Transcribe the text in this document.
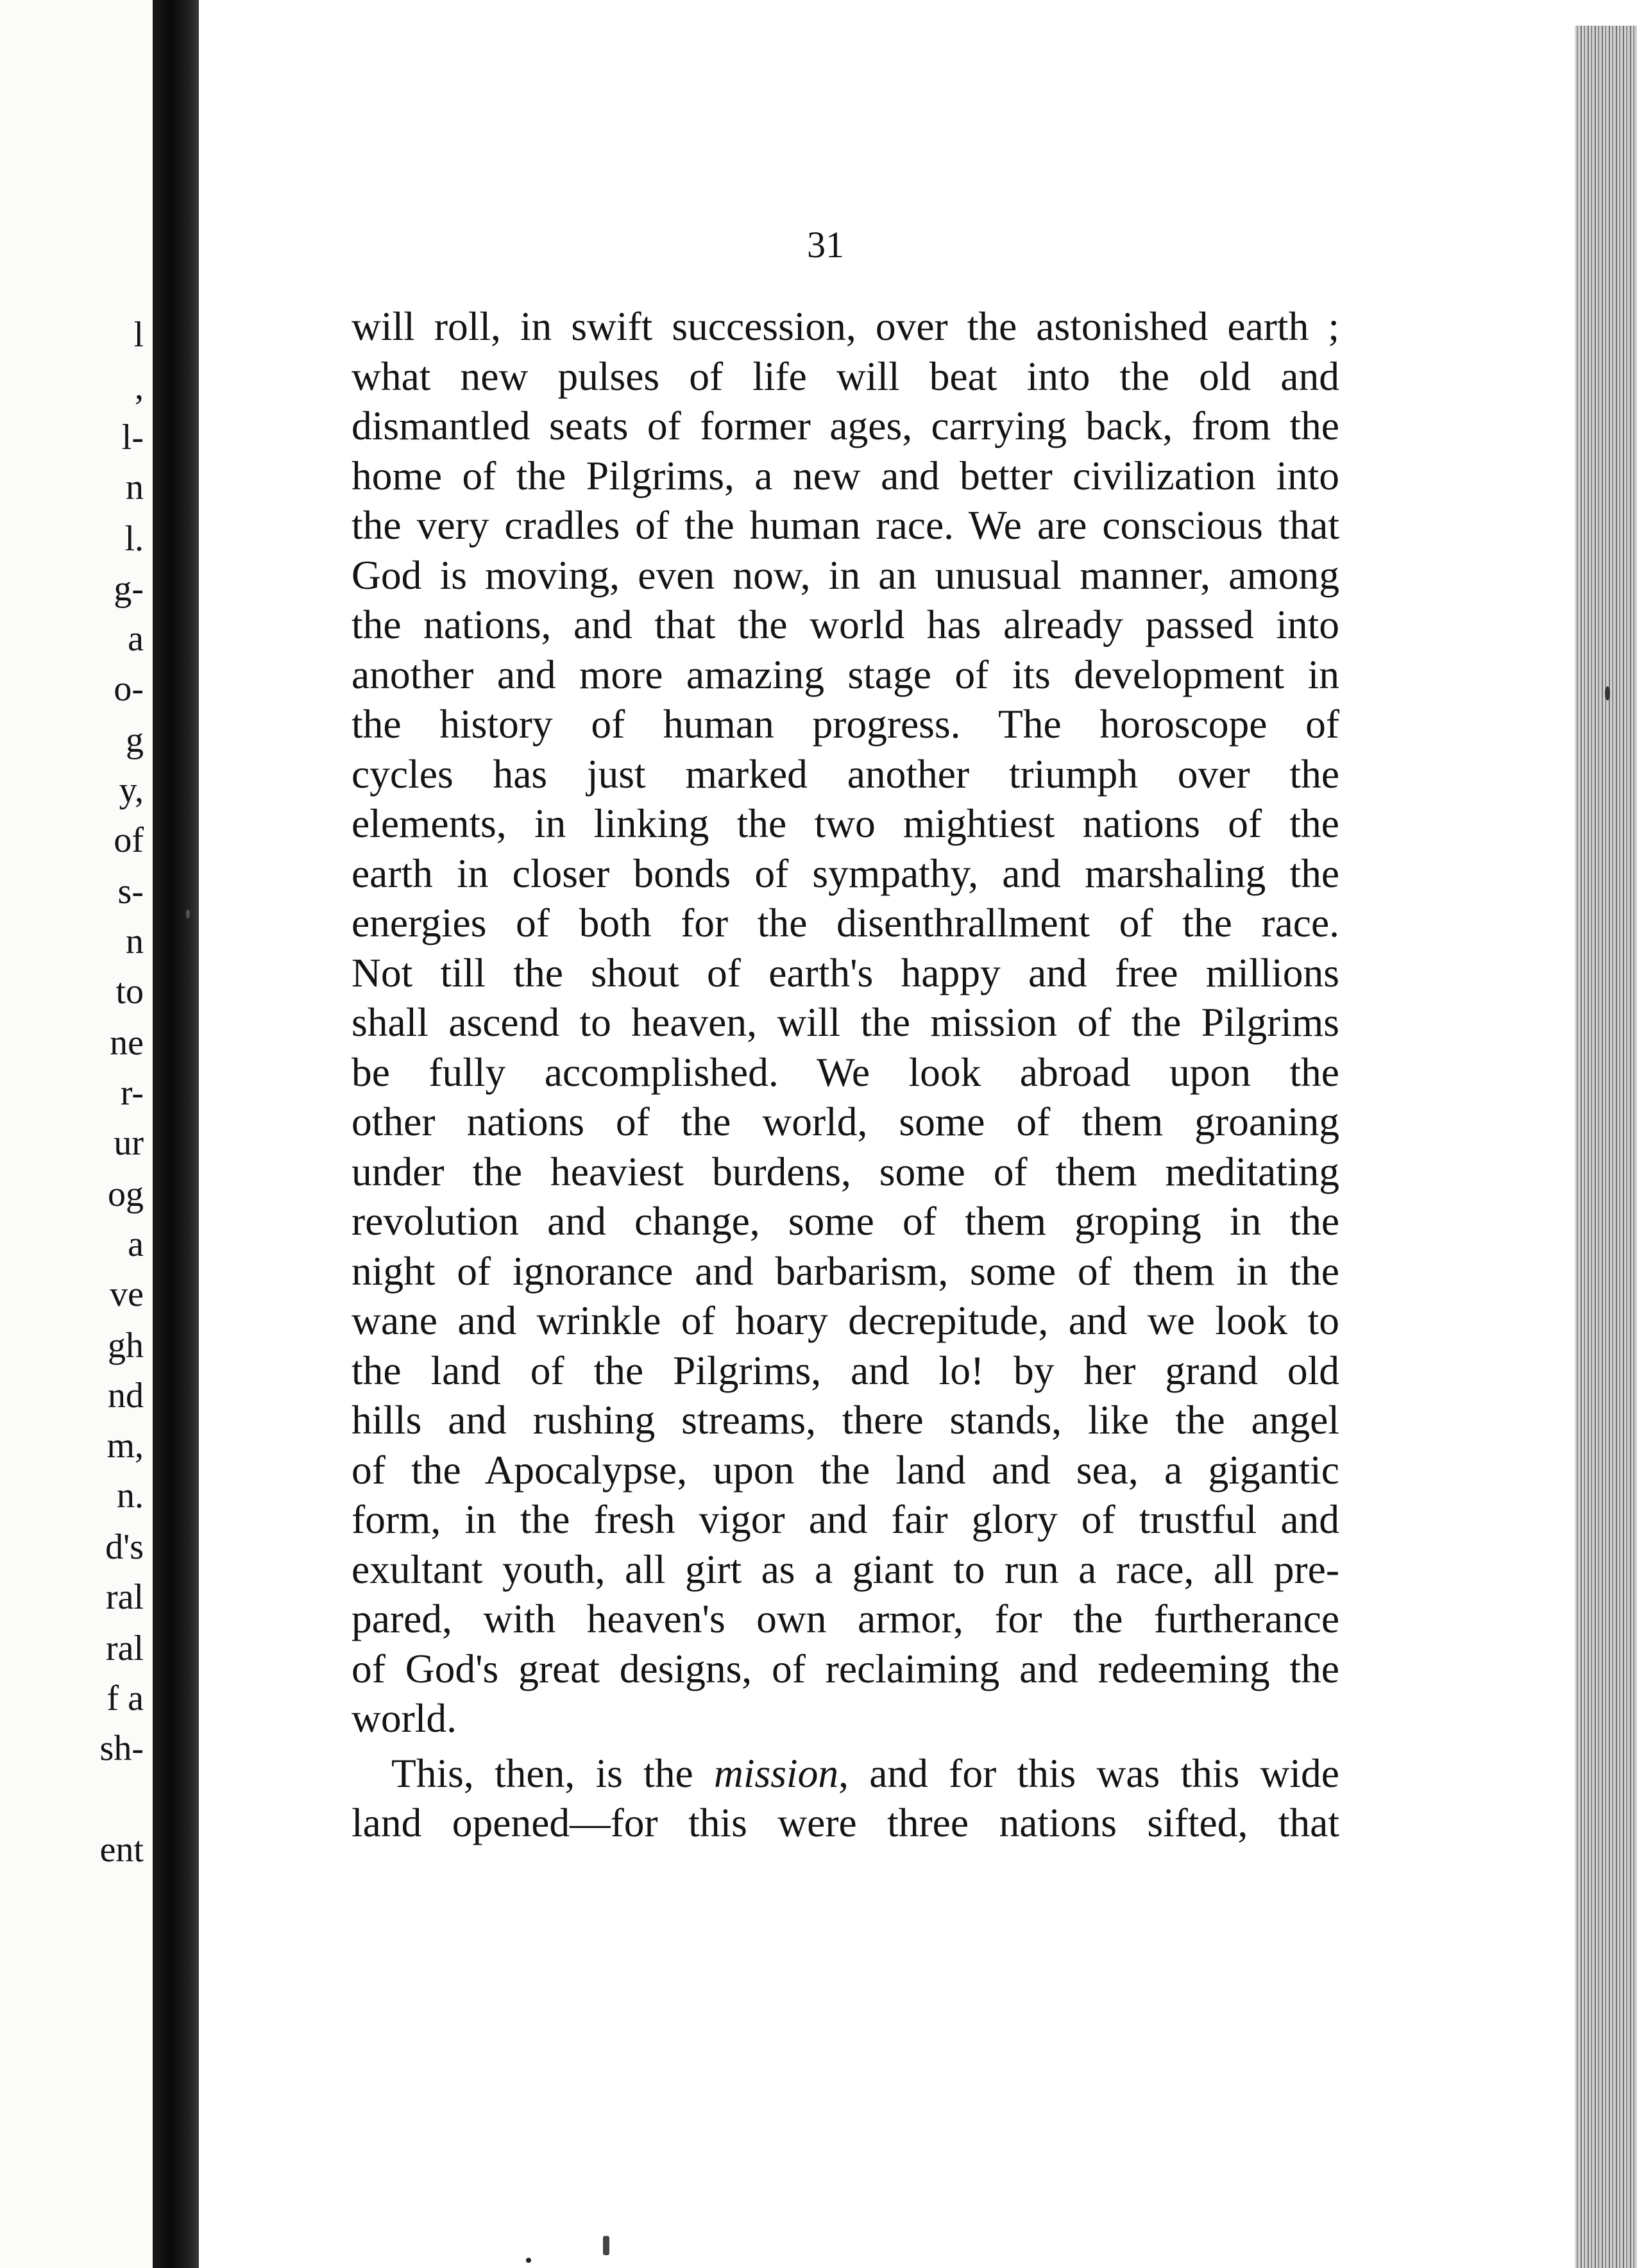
l
,
l-
n
l.
g-
a
o-
g
y,
of
s-
n
to
ne
r-
ur
og
a
ve
gh
nd
m,
n.
d's
ral
ral
f a
sh-
ent
31
will roll, in swift succession, over the astonished earth ;
what new pulses of life will beat into the old and
dismantled seats of former ages, carrying back, from the
home of the Pilgrims, a new and better civilization into
the very cradles of the human race. We are conscious that
God is moving, even now, in an unusual manner, among
the nations, and that the world has already passed into
another and more amazing stage of its development in
the history of human progress. The horoscope of
cycles has just marked another triumph over the
elements, in linking the two mightiest nations of the
earth in closer bonds of sympathy, and marshaling the
energies of both for the disenthrallment of the race.
Not till the shout of earth's happy and free millions
shall ascend to heaven, will the mission of the Pilgrims
be fully accomplished. We look abroad upon the
other nations of the world, some of them groaning
under the heaviest burdens, some of them meditating
revolution and change, some of them groping in the
night of ignorance and barbarism, some of them in the
wane and wrinkle of hoary decrepitude, and we look to
the land of the Pilgrims, and lo! by her grand old
hills and rushing streams, there stands, like the angel
of the Apocalypse, upon the land and sea, a gigantic
form, in the fresh vigor and fair glory of trustful and
exultant youth, all girt as a giant to run a race, all pre-
pared, with heaven's own armor, for the furtherance
of God's great designs, of reclaiming and redeeming the
world.
This, then, is the mission, and for this was this wide
land opened—for this were three nations sifted, that
